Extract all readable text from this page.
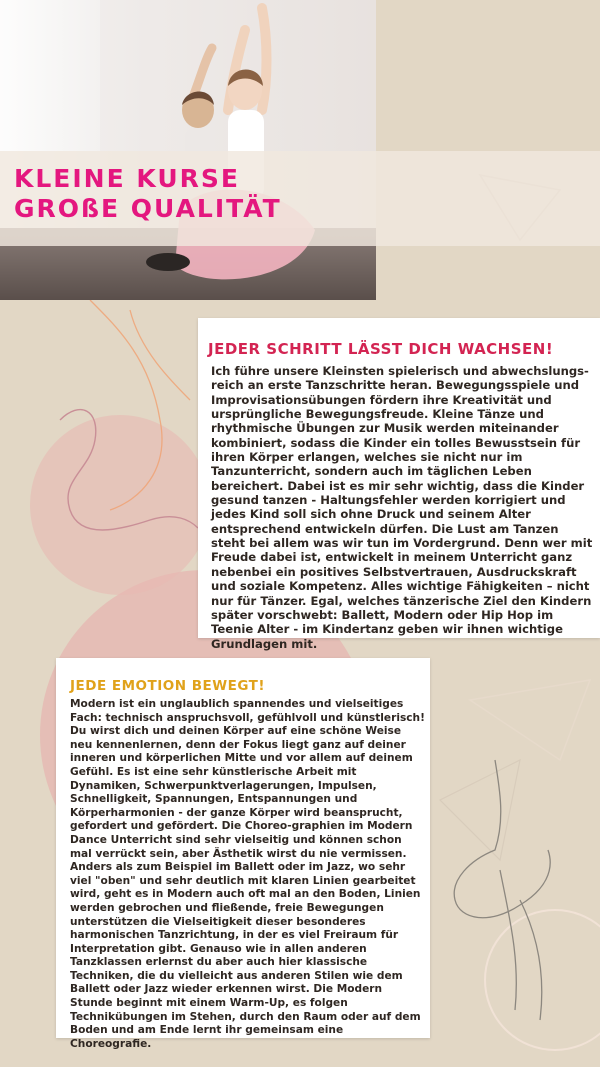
KLEINE KURSE
GROßE QUALITÄT
JEDER SCHRITT LÄSST DICH WACHSEN!

Ich führe unsere Kleinsten spielerisch und abwechslungs-reich an erste Tanzschritte heran. Bewegungsspiele und Improvisationsübungen fördern ihre Kreativität und ursprüngliche Bewegungsfreude. Kleine Tänze und rhythmische Übungen zur Musik werden miteinander kombiniert, sodass die Kinder ein tolles Bewusstsein für ihren Körper erlangen, welches sie nicht nur im Tanzunterricht, sondern auch im täglichen Leben bereichert. Dabei ist es mir sehr wichtig, dass die Kinder gesund tanzen - Haltungsfehler werden korrigiert und jedes Kind soll sich ohne Druck und seinem Alter entsprechend entwickeln dürfen. Die Lust am Tanzen steht bei allem was wir tun im Vordergrund. Denn wer mit Freude dabei ist, entwickelt in meinem Unterricht ganz nebenbei ein positives Selbstvertrauen, Ausdruckskraft und soziale Kompetenz. Alles wichtige Fähigkeiten – nicht nur für Tänzer. Egal, welches tänzerische Ziel den Kindern später vorschwebt: Ballett, Modern oder Hip Hop im Teenie Alter - im Kindertanz geben wir ihnen wichtige Grundlagen mit.

JEDE EMOTION BEWEGT!

Modern ist ein unglaublich spannendes und vielseitiges Fach: technisch anspruchsvoll, gefühlvoll und künstlerisch! Du wirst dich und deinen Körper auf eine schöne Weise neu kennenlernen, denn der Fokus liegt ganz auf deiner inneren und körperlichen Mitte und vor allem auf deinem Gefühl. Es ist eine sehr künstlerische Arbeit mit Dynamiken, Schwerpunktverlagerungen, Impulsen, Schnelligkeit, Spannungen, Entspannungen und Körperharmonien - der ganze Körper wird beansprucht, gefordert und gefördert. Die Choreo-graphien im Modern Dance Unterricht sind sehr vielseitig und können schon mal verrückt sein, aber Ästhetik wirst du nie vermissen. Anders als zum Beispiel im Ballett oder im Jazz, wo sehr viel "oben" und sehr deutlich mit klaren Linien gearbeitet wird, geht es in Modern auch oft mal an den Boden, Linien werden gebrochen und fließende, freie Bewegungen unterstützen die Vielseitigkeit dieser besonderes harmonischen Tanzrichtung, in der es viel Freiraum für Interpretation gibt. Genauso wie in allen anderen Tanzklassen erlernst du aber auch hier klassische Techniken, die du vielleicht aus anderen Stilen wie dem Ballett oder Jazz wieder erkennen wirst. Die Modern Stunde beginnt mit einem Warm-Up, es folgen Technikübungen im Stehen, durch den Raum oder auf dem Boden und am Ende lernt ihr gemeinsam eine Choreografie.
